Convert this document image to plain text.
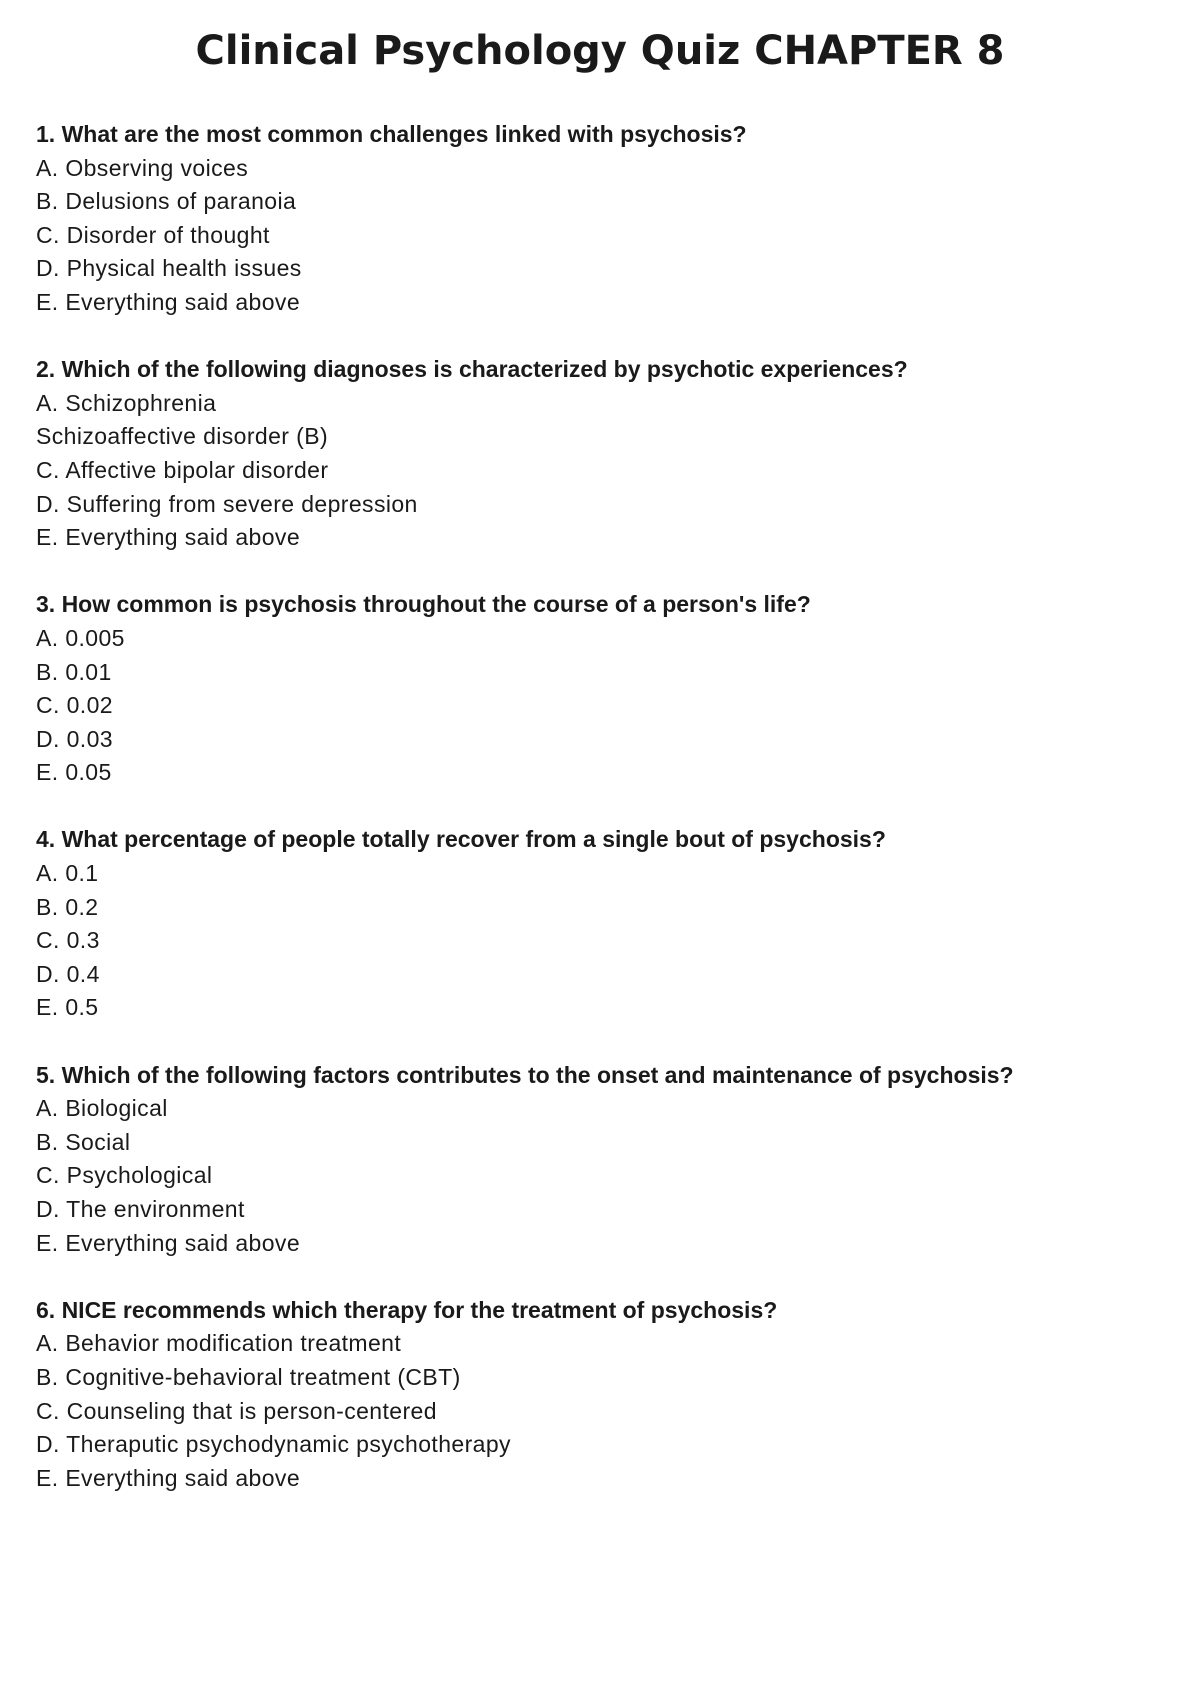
Clinical Psychology Quiz CHAPTER 8

1. What are the most common challenges linked with psychosis?

A. Observing voices
B. Delusions of paranoia
C. Disorder of thought
D. Physical health issues
E. Everything said above

2. Which of the following diagnoses is characterized by psychotic experiences?

A. Schizophrenia
Schizoaffective disorder (B)
C. Affective bipolar disorder
D. Suffering from severe depression
E. Everything said above

3. How common is psychosis throughout the course of a person's life?

A. 0.005
B. 0.01
C. 0.02
D. 0.03
E. 0.05

4. What percentage of people totally recover from a single bout of psychosis?

A. 0.1
B. 0.2
C. 0.3
D. 0.4
E. 0.5

5. Which of the following factors contributes to the onset and maintenance of psychosis?

A. Biological
B. Social
C. Psychological
D. The environment
E. Everything said above

6. NICE recommends which therapy for the treatment of psychosis?

A. Behavior modification treatment
B. Cognitive-behavioral treatment (CBT)
C. Counseling that is person-centered
D. Theraputic psychodynamic psychotherapy
E. Everything said above
